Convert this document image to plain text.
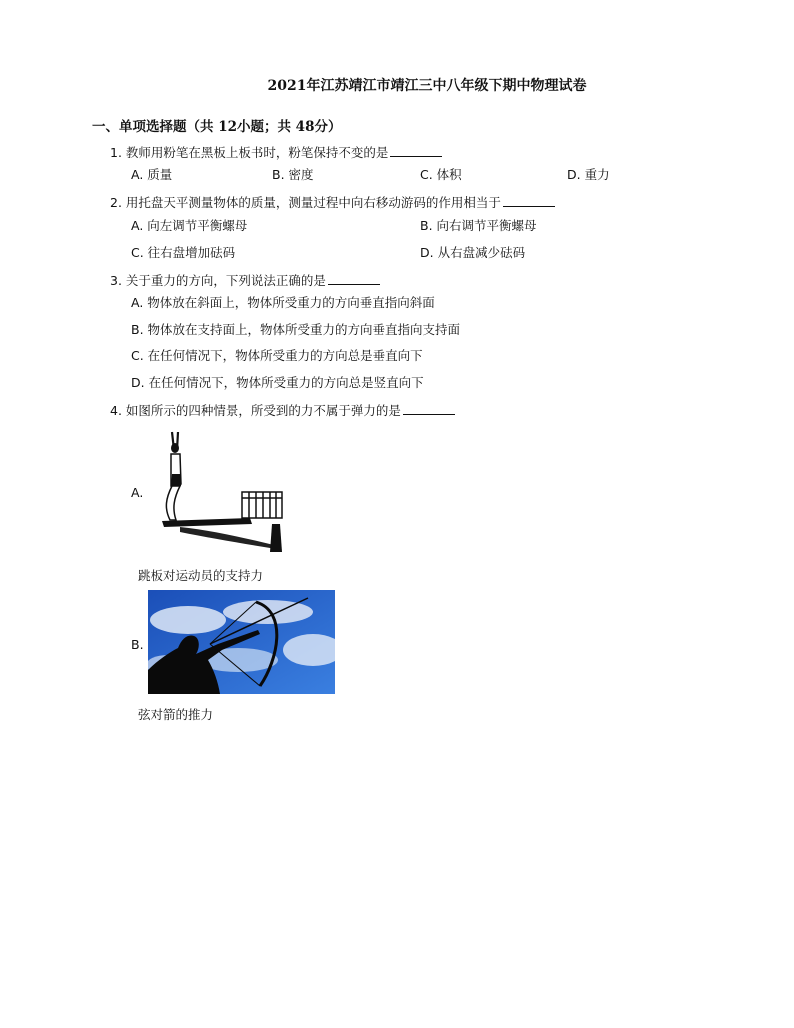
2021年江苏靖江市靖江三中八年级下期中物理试卷
一、单项选择题（共 12小题；共 48分）
1. 教师用粉笔在黑板上板书时，粉笔保持不变的是
A. 质量	B. 密度	C. 体积	D. 重力
2. 用托盘天平测量物体的质量，测量过程中向右移动游码的作用相当于
A. 向左调节平衡螺母	B. 向右调节平衡螺母
C. 往右盘增加砝码	D. 从右盘减少砝码
3. 关于重力的方向，下列说法正确的是
A. 物体放在斜面上，物体所受重力的方向垂直指向斜面
B. 物体放在支持面上，物体所受重力的方向垂直指向支持面
C. 在任何情况下，物体所受重力的方向总是垂直向下
D. 在任何情况下，物体所受重力的方向总是竖直向下
4. 如图所示的四种情景，所受到的力不属于弹力的是
A.
跳板对运动员的支持力
B.
弦对箭的推力
